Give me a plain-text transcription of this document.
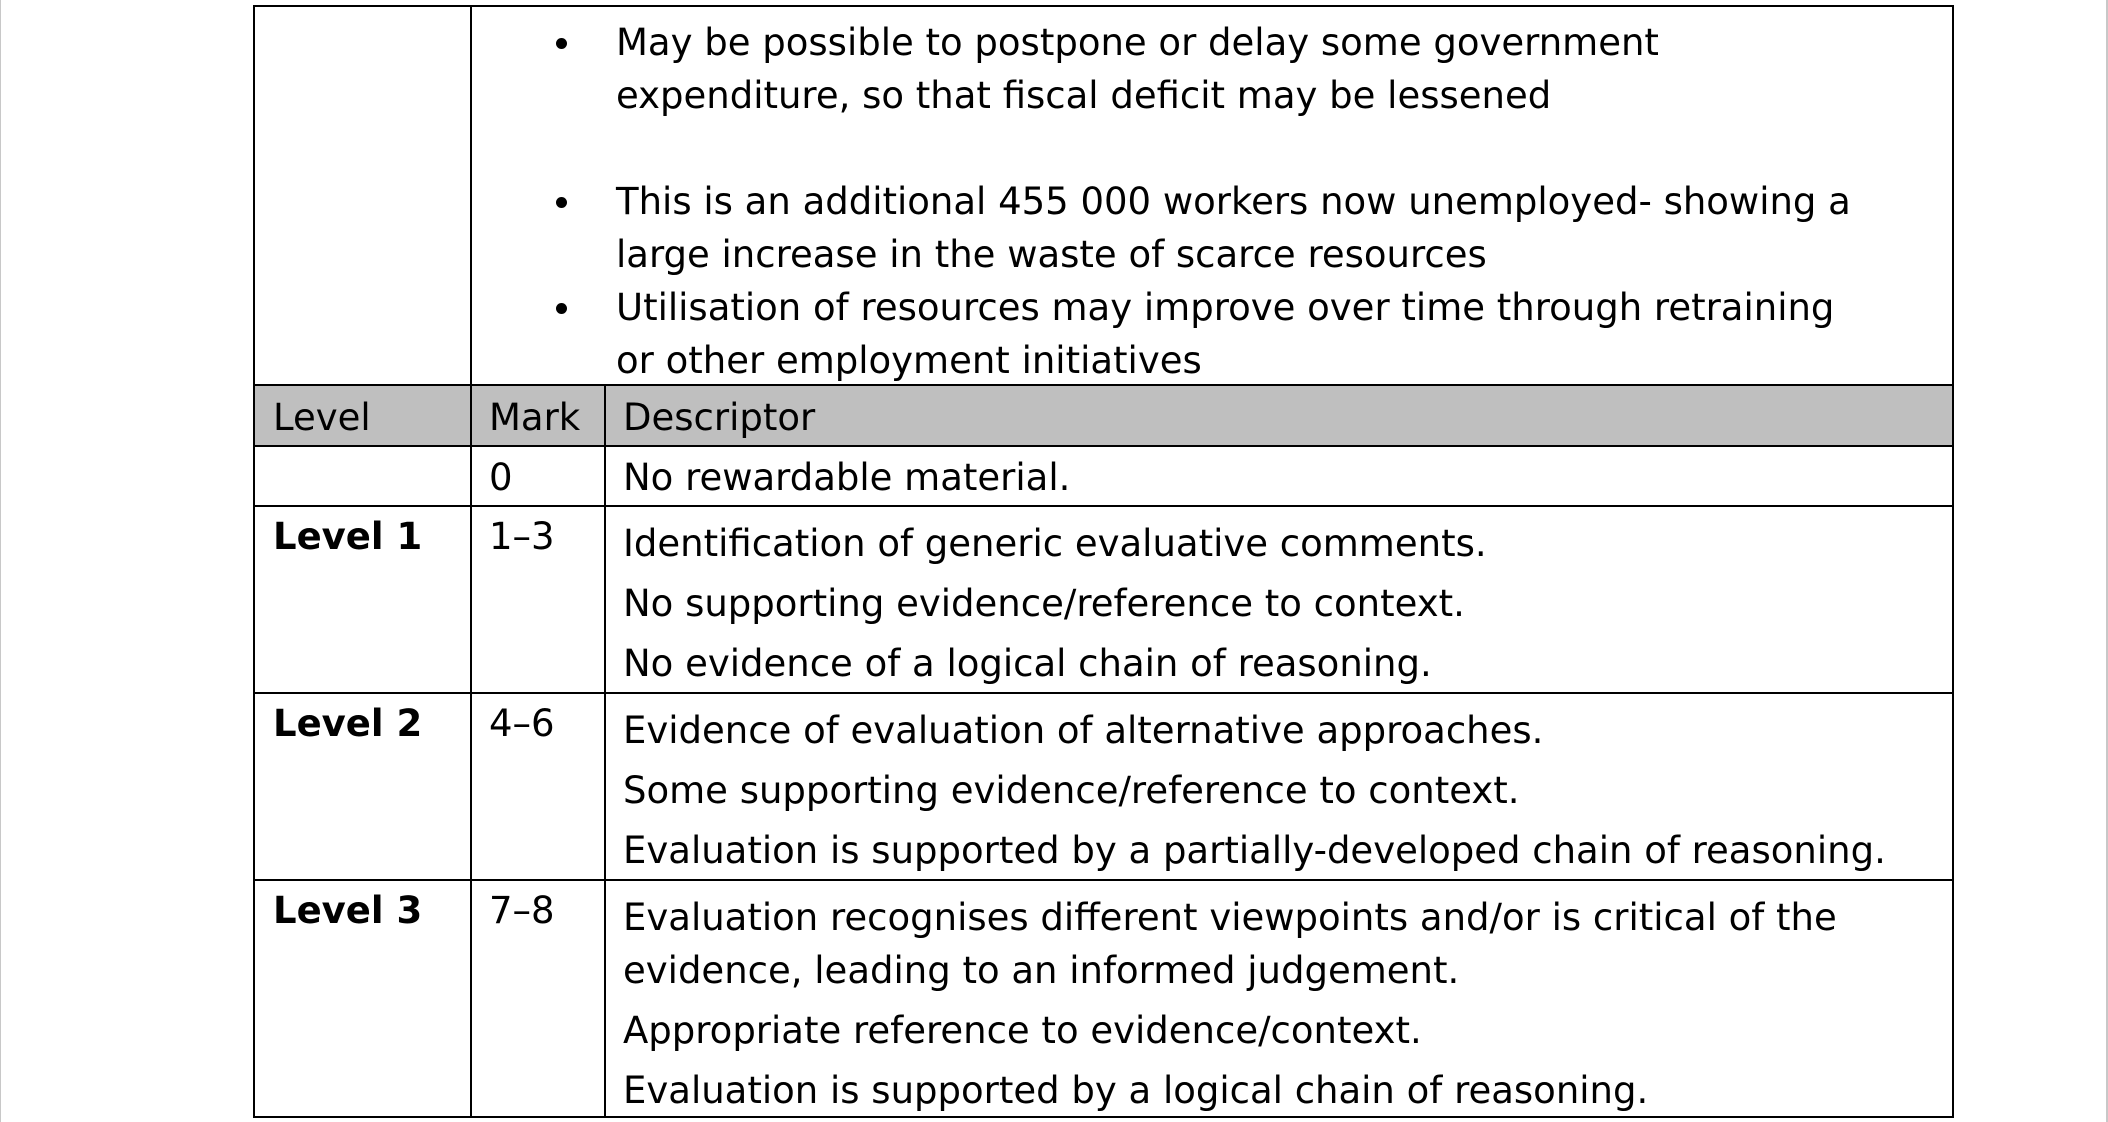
May be possible to postpone or delay some government
expenditure, so that fiscal deficit may be lessened
This is an additional 455 000 workers now unemployed- showing a
large increase in the waste of scarce resources
Utilisation of resources may improve over time through retraining
or other employment initiatives
Level	Mark Descriptor
0	No rewardable material.
Level 1 1–3 Identification of generic evaluative comments.
No supporting evidence/reference to context.
No evidence of a logical chain of reasoning.
Level 2 4–6 Evidence of evaluation of alternative approaches.
Some supporting evidence/reference to context.
Evaluation is supported by a partially-developed chain of reasoning.
Level 3 7–8 Evaluation recognises different viewpoints and/or is critical of the
evidence, leading to an informed judgement.
Appropriate reference to evidence/context.
Evaluation is supported by a logical chain of reasoning.
